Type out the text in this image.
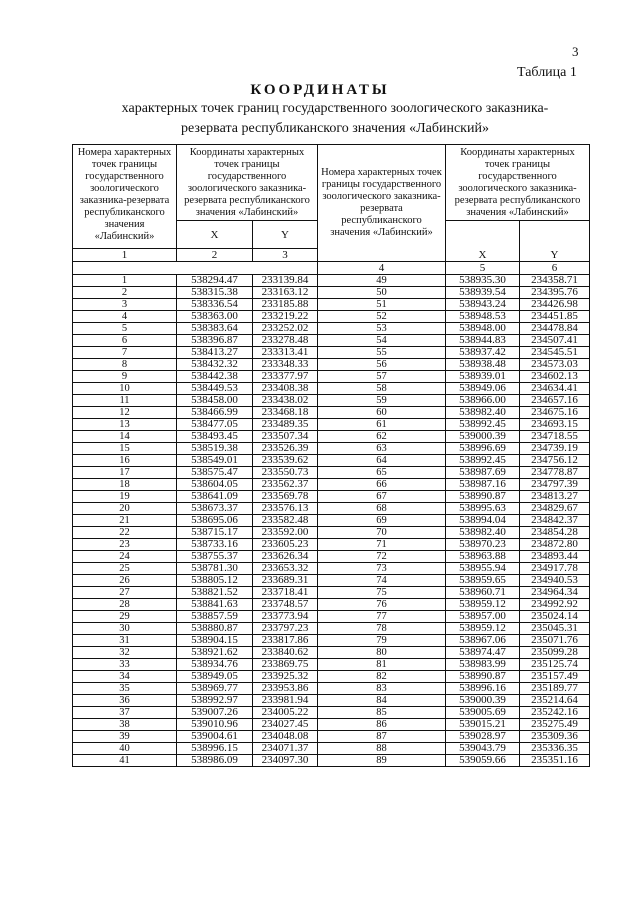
3
Таблица 1
КООРДИНАТЫ
характерных точек границ государственного зоологического заказника-резервата республиканского значения «Лабинский»
Номера характерных точек границы государственного зоологического заказника-резервата республиканского значения «Лабинский»	Координаты характерных точек границы государственного зоологического заказника-резервата республиканского значения «Лабинский»		Номера характерных точек границы государственного зоологического заказника-резервата республиканского значения «Лабинский»	Координаты характерных точек границы государственного зоологического заказника-резервата республиканского значения «Лабинский»	
	X	Y		X	Y
1	2	3			
			4	5	6
1	538294.47	233139.84	49	538935.30	234358.71
2	538315.38	233163.12	50	538939.54	234395.76
3	538336.54	233185.88	51	538943.24	234426.98
4	538363.00	233219.22	52	538948.53	234451.85
5	538383.64	233252.02	53	538948.00	234478.84
6	538396.87	233278.48	54	538944.83	234507.41
7	538413.27	233313.41	55	538937.42	234545.51
8	538432.32	233348.33	56	538938.48	234573.03
9	538442.38	233377.97	57	538939.01	234602.13
10	538449.53	233408.38	58	538949.06	234634.41
11	538458.00	233438.02	59	538966.00	234657.16
12	538466.99	233468.18	60	538982.40	234675.16
13	538477.05	233489.35	61	538992.45	234693.15
14	538493.45	233507.34	62	539000.39	234718.55
15	538519.38	233526.39	63	538996.69	234739.19
16	538549.01	233539.62	64	538992.45	234756.12
17	538575.47	233550.73	65	538987.69	234778.87
18	538604.05	233562.37	66	538987.16	234797.39
19	538641.09	233569.78	67	538990.87	234813.27
20	538673.37	233576.13	68	538995.63	234829.67
21	538695.06	233582.48	69	538994.04	234842.37
22	538715.17	233592.00	70	538982.40	234854.28
23	538733.16	233605.23	71	538970.23	234872.80
24	538755.37	233626.34	72	538963.88	234893.44
25	538781.30	233653.32	73	538955.94	234917.78
26	538805.12	233689.31	74	538959.65	234940.53
27	538821.52	233718.41	75	538960.71	234964.34
28	538841.63	233748.57	76	538959.12	234992.92
29	538857.59	233773.94	77	538957.00	235024.14
30	538880.87	233797.23	78	538959.12	235045.31
31	538904.15	233817.86	79	538967.06	235071.76
32	538921.62	233840.62	80	538974.47	235099.28
33	538934.76	233869.75	81	538983.99	235125.74
34	538949.05	233925.32	82	538990.87	235157.49
35	538969.77	233953.86	83	538996.16	235189.77
36	538992.97	233981.94	84	539000.39	235214.64
37	539007.26	234005.22	85	539005.69	235242.16
38	539010.96	234027.45	86	539015.21	235275.49
39	539004.61	234048.08	87	539028.97	235309.36
40	538996.15	234071.37	88	539043.79	235336.35
41	538986.09	234097.30	89	539059.66	235351.16
